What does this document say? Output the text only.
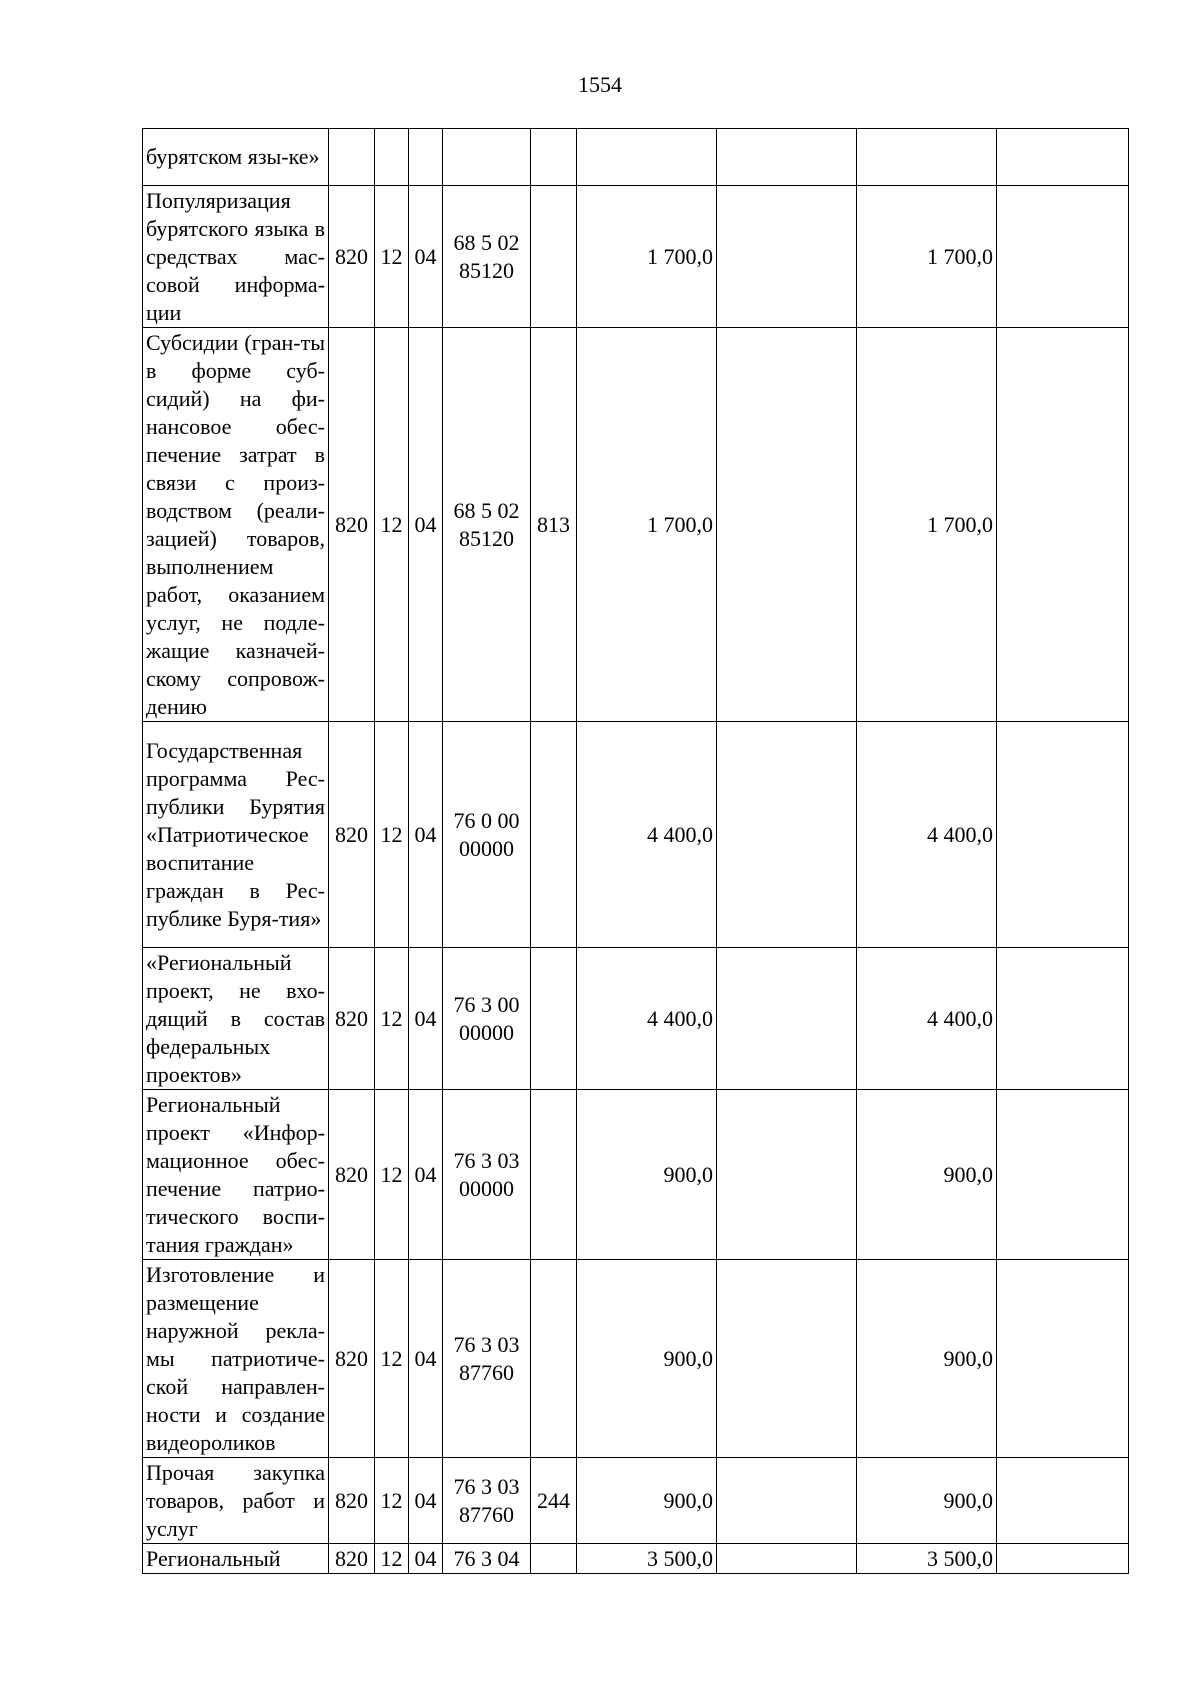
1554
бурятском язы-ке»									
Популяризация бурятского языка в средствах мас-совой информа-ции	820	12	04	68 5 02 85120		1 700,0		1 700,0	
Субсидии (гран-ты в форме суб-сидий) на фи-нансовое обес-печение затрат в связи с произ-водством (реали-зацией) товаров, выполнением работ, оказанием услуг, не подле-жащие казначей-скому сопровож-дению	820	12	04	68 5 02 85120	813	1 700,0		1 700,0	
Государственная программа Рес-публики Бурятия «Патриотическое воспитание граждан в Рес-публике Буря-тия»	820	12	04	76 0 00 00000		4 400,0		4 400,0	
«Региональный проект, не вхо-дящий в состав федеральных проектов»	820	12	04	76 3 00 00000		4 400,0		4 400,0	
Региональный проект «Инфор-мационное обес-печение патрио-тического воспи-тания граждан»	820	12	04	76 3 03 00000		900,0		900,0	
Изготовление и размещение наружной рекла-мы патриотиче-ской направлен-ности и создание видеороликов	820	12	04	76 3 03 87760		900,0		900,0	
Прочая закупка товаров, работ и услуг	820	12	04	76 3 03 87760	244	900,0		900,0	
Региональный	820	12	04	76 3 04		3 500,0		3 500,0	
